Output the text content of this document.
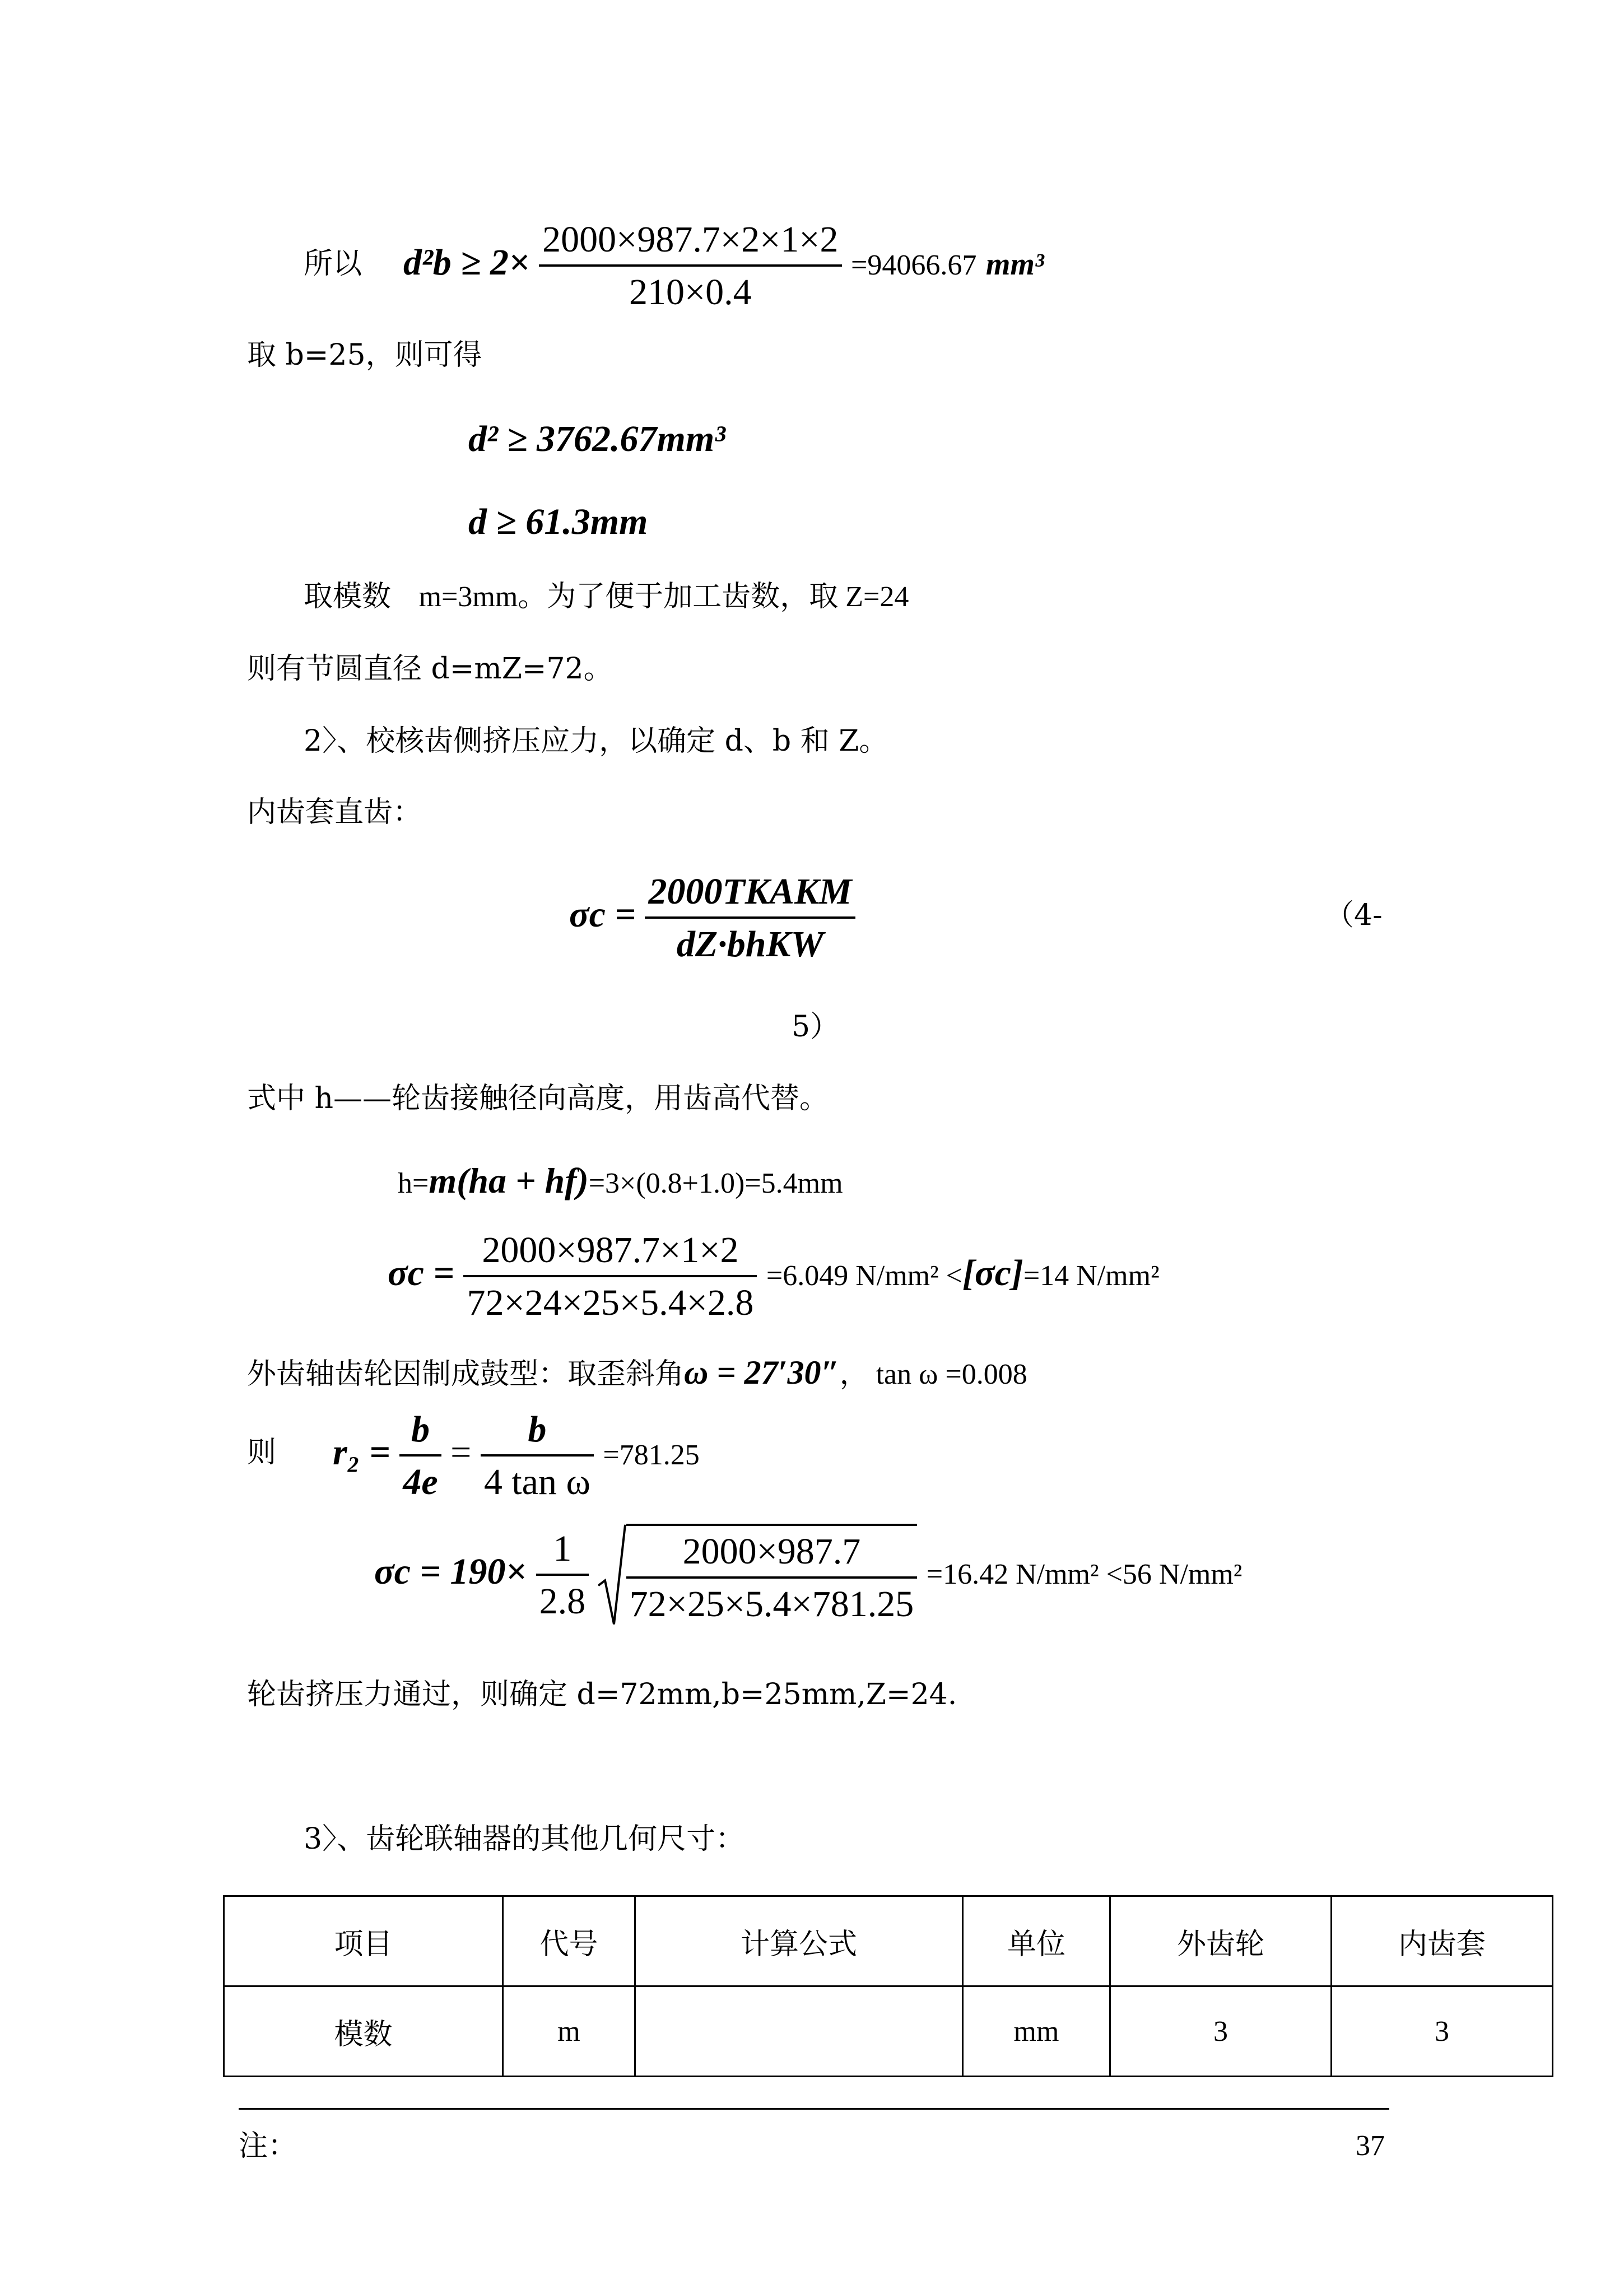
所以 $d^2b \ge 2\times \frac{2000\times 987.7\times 2\times 1\times 2}{210\times 0.4} =94066.67$ mm³
取 b=25，则可得
d² ≥ 3762.67mm³
d ≥ 61.3mm
取模数 m=3mm。为了便于加工齿数，取 Z=24
则有节圆直径 d=mZ=72。
2〉、校核齿侧挤压应力，以确定 d、b 和 Z。
内齿套直齿：
$\sigma c = \frac{\text{2000TKAKM}}{\text{dZ·bhKW}}$	（4-
5）
式中 h——轮齿接触径向高度，用齿高代替。
h=m(ha + hf)=3×(0.8+1.0)=5.4mm
$\sigma c = \frac{2000\times 987.7\times 1\times 2}{72\times 24\times 25\times 5.4\times 2.8} =6.049$ N/mm² <[σc]=14 N/mm²
外齿轴齿轮因制成鼓型：取歪斜角ω = 27′30″， tan ω =0.008
则 $r_2 = \frac{b}{4e} = \frac{b}{\text{4 tan ω}} =781.25$
$\sigma c = 190\times \frac{1}{2.8}$
$\frac{2000\times 987.7}{72\times 25\times 5.4\times 781.25} =16.42$ N/mm² <56 N/mm²
轮齿挤压力通过，则确定 d=72mm,b=25mm,Z=24.
3〉、齿轮联轴器的其他几何尺寸：
项目	代号	计算公式	单位	外齿轮	内齿套
模数	m		mm	3	3
注：	37
